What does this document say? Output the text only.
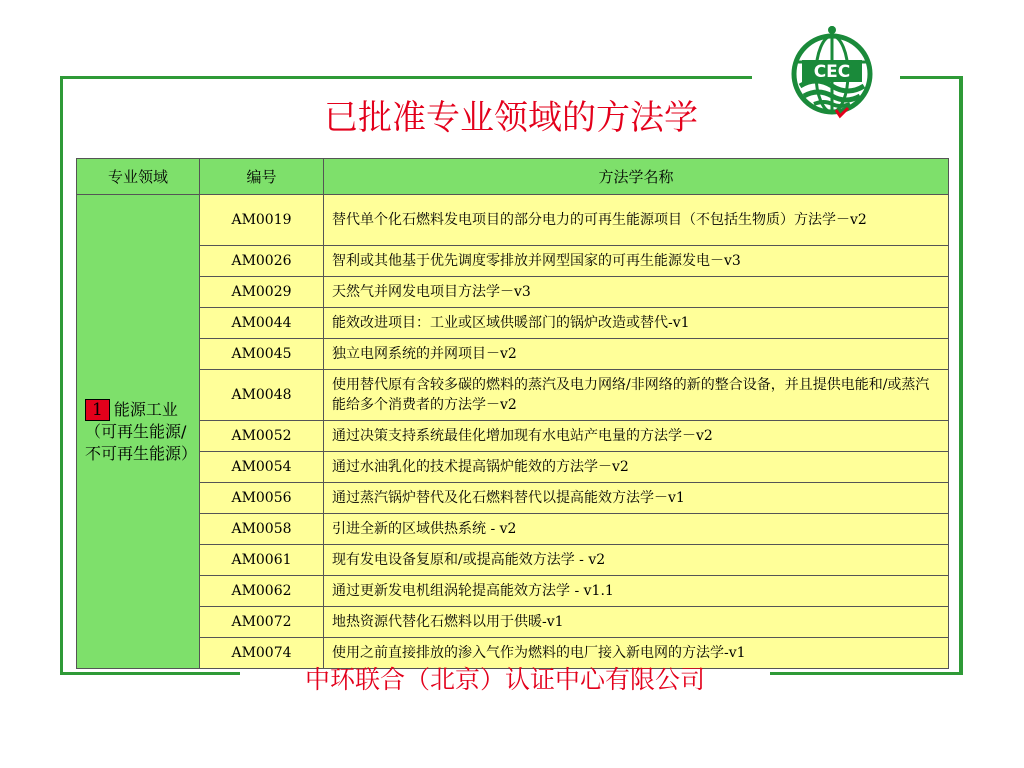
CEC
已批准专业领域的方法学
专业领域	编号	方法学名称
1 能源工业（可再生能源/不可再生能源）	AM0019	替代单个化石燃料发电项目的部分电力的可再生能源项目（不包括生物质）方法学－v2
	AM0026	智利或其他基于优先调度零排放并网型国家的可再生能源发电－v3
	AM0029	天然气并网发电项目方法学－v3
	AM0044	能效改进项目：工业或区域供暖部门的锅炉改造或替代-v1
	AM0045	独立电网系统的并网项目－v2
	AM0048	使用替代原有含较多碳的燃料的蒸汽及电力网络/非网络的新的整合设备，并且提供电能和/或蒸汽能给多个消费者的方法学－v2
	AM0052	通过决策支持系统最佳化增加现有水电站产电量的方法学－v2
	AM0054	通过水油乳化的技术提高锅炉能效的方法学－v2
	AM0056	通过蒸汽锅炉替代及化石燃料替代以提高能效方法学－v1
	AM0058	引进全新的区域供热系统 - v2
	AM0061	现有发电设备复原和/或提高能效方法学 - v2
	AM0062	通过更新发电机组涡轮提高能效方法学 - v1.1
	AM0072	地热资源代替化石燃料以用于供暖-v1
	AM0074	使用之前直接排放的渗入气作为燃料的电厂接入新电网的方法学-v1
中环联合（北京）认证中心有限公司
